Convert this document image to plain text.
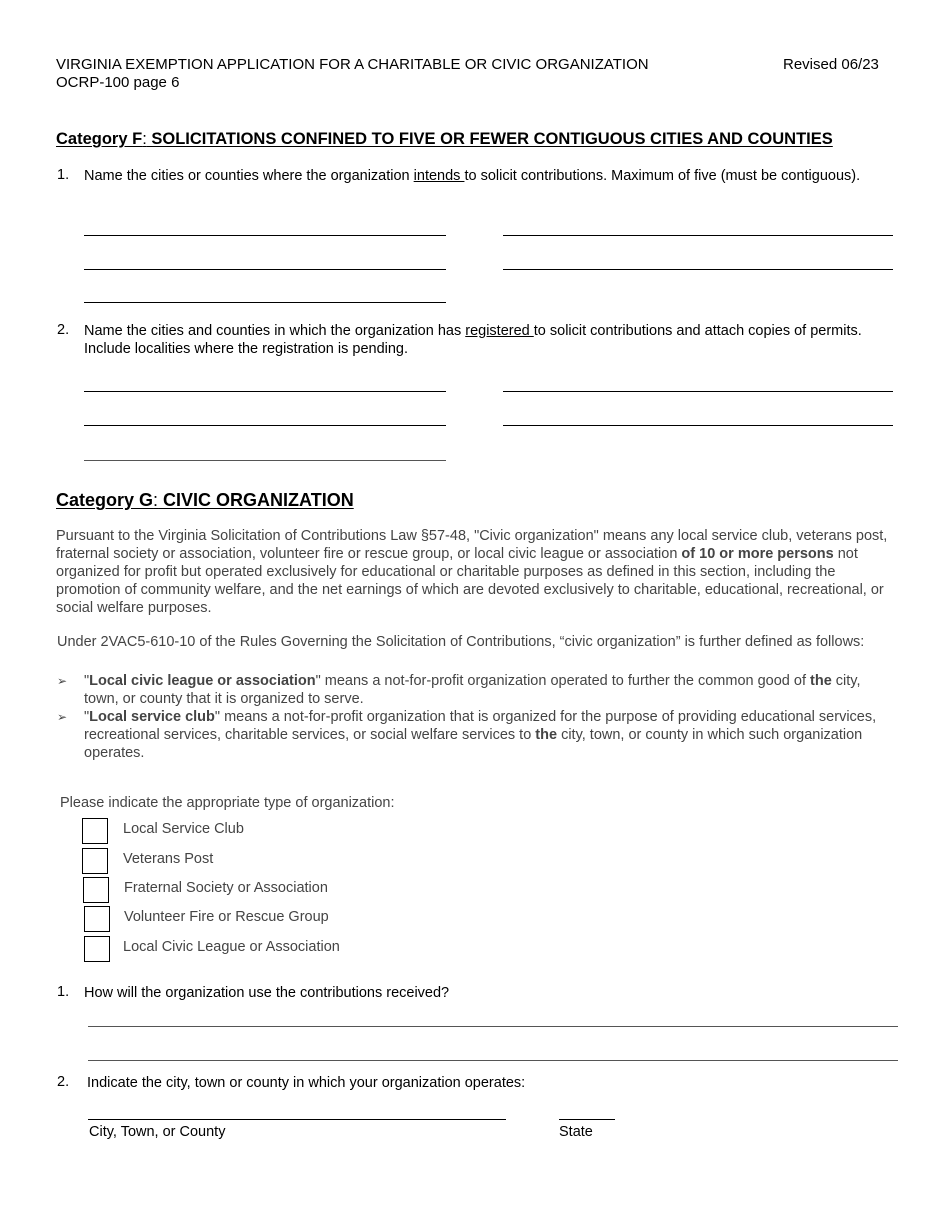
VIRGINIA EXEMPTION APPLICATION FOR A CHARITABLE OR CIVIC ORGANIZATION
OCRP-100 page 6
Revised 06/23
Category F: SOLICITATIONS CONFINED TO FIVE OR FEWER CONTIGUOUS CITIES AND COUNTIES
1. Name the cities or counties where the organization intends to solicit contributions. Maximum of five (must be contiguous).
2. Name the cities and counties in which the organization has registered to solicit contributions and attach copies of permits. Include localities where the registration is pending.
Category G: CIVIC ORGANIZATION
Pursuant to the Virginia Solicitation of Contributions Law §57-48, "Civic organization" means any local service club, veterans post, fraternal society or association, volunteer fire or rescue group, or local civic league or association of 10 or more persons not organized for profit but operated exclusively for educational or charitable purposes as defined in this section, including the promotion of community welfare, and the net earnings of which are devoted exclusively to charitable, educational, recreational, or social welfare purposes.
Under 2VAC5-610-10 of the Rules Governing the Solicitation of Contributions, “civic organization” is further defined as follows:
➢ "Local civic league or association" means a not-for-profit organization operated to further the common good of the city, town, or county that it is organized to serve.
➢ "Local service club" means a not-for-profit organization that is organized for the purpose of providing educational services, recreational services, charitable services, or social welfare services to the city, town, or county in which such organization operates.
Please indicate the appropriate type of organization:
Local Service Club
Veterans Post
Fraternal Society or Association
Volunteer Fire or Rescue Group
Local Civic League or Association
1. How will the organization use the contributions received?
2. Indicate the city, town or county in which your organization operates:
City, Town, or County	State
